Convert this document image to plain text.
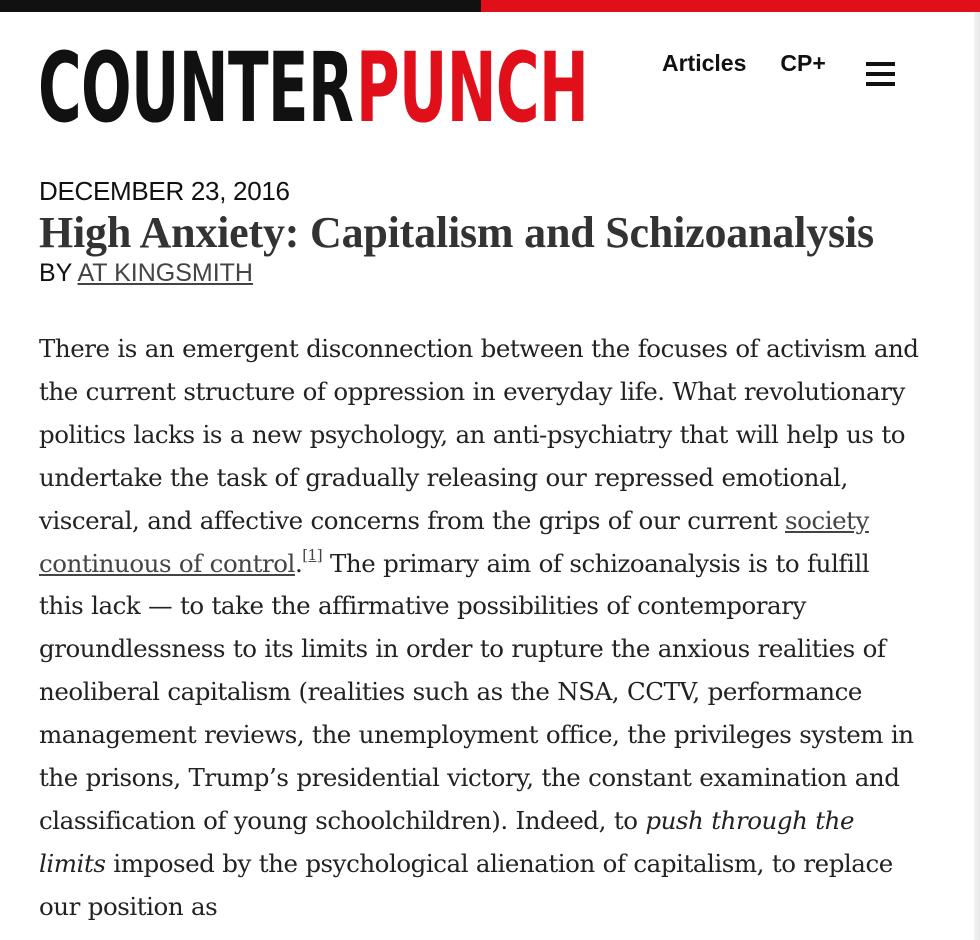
COUNTER PUNCH	Articles CP+
DECEMBER 23, 2016
High Anxiety: Capitalism and Schizoanalysis
BY AT KINGSMITH

There is an emergent disconnection between the focuses of activism and the current structure of oppression in everyday life. What revolutionary politics lacks is a new psychology, an anti-psychiatry that will help us to undertake the task of gradually releasing our repressed emotional, visceral, and affective concerns from the grips of our current society continuous of control.[1] The primary aim of schizoanalysis is to fulfill this lack — to take the affirmative possibilities of contemporary groundlessness to its limits in order to rupture the anxious realities of neoliberal capitalism (realities such as the NSA, CCTV, performance management reviews, the unemployment office, the privileges system in the prisons, Trump’s presidential victory, the constant examination and classification of young schoolchildren). Indeed, to push through the limits imposed by the psychological alienation of capitalism, to replace our position as
